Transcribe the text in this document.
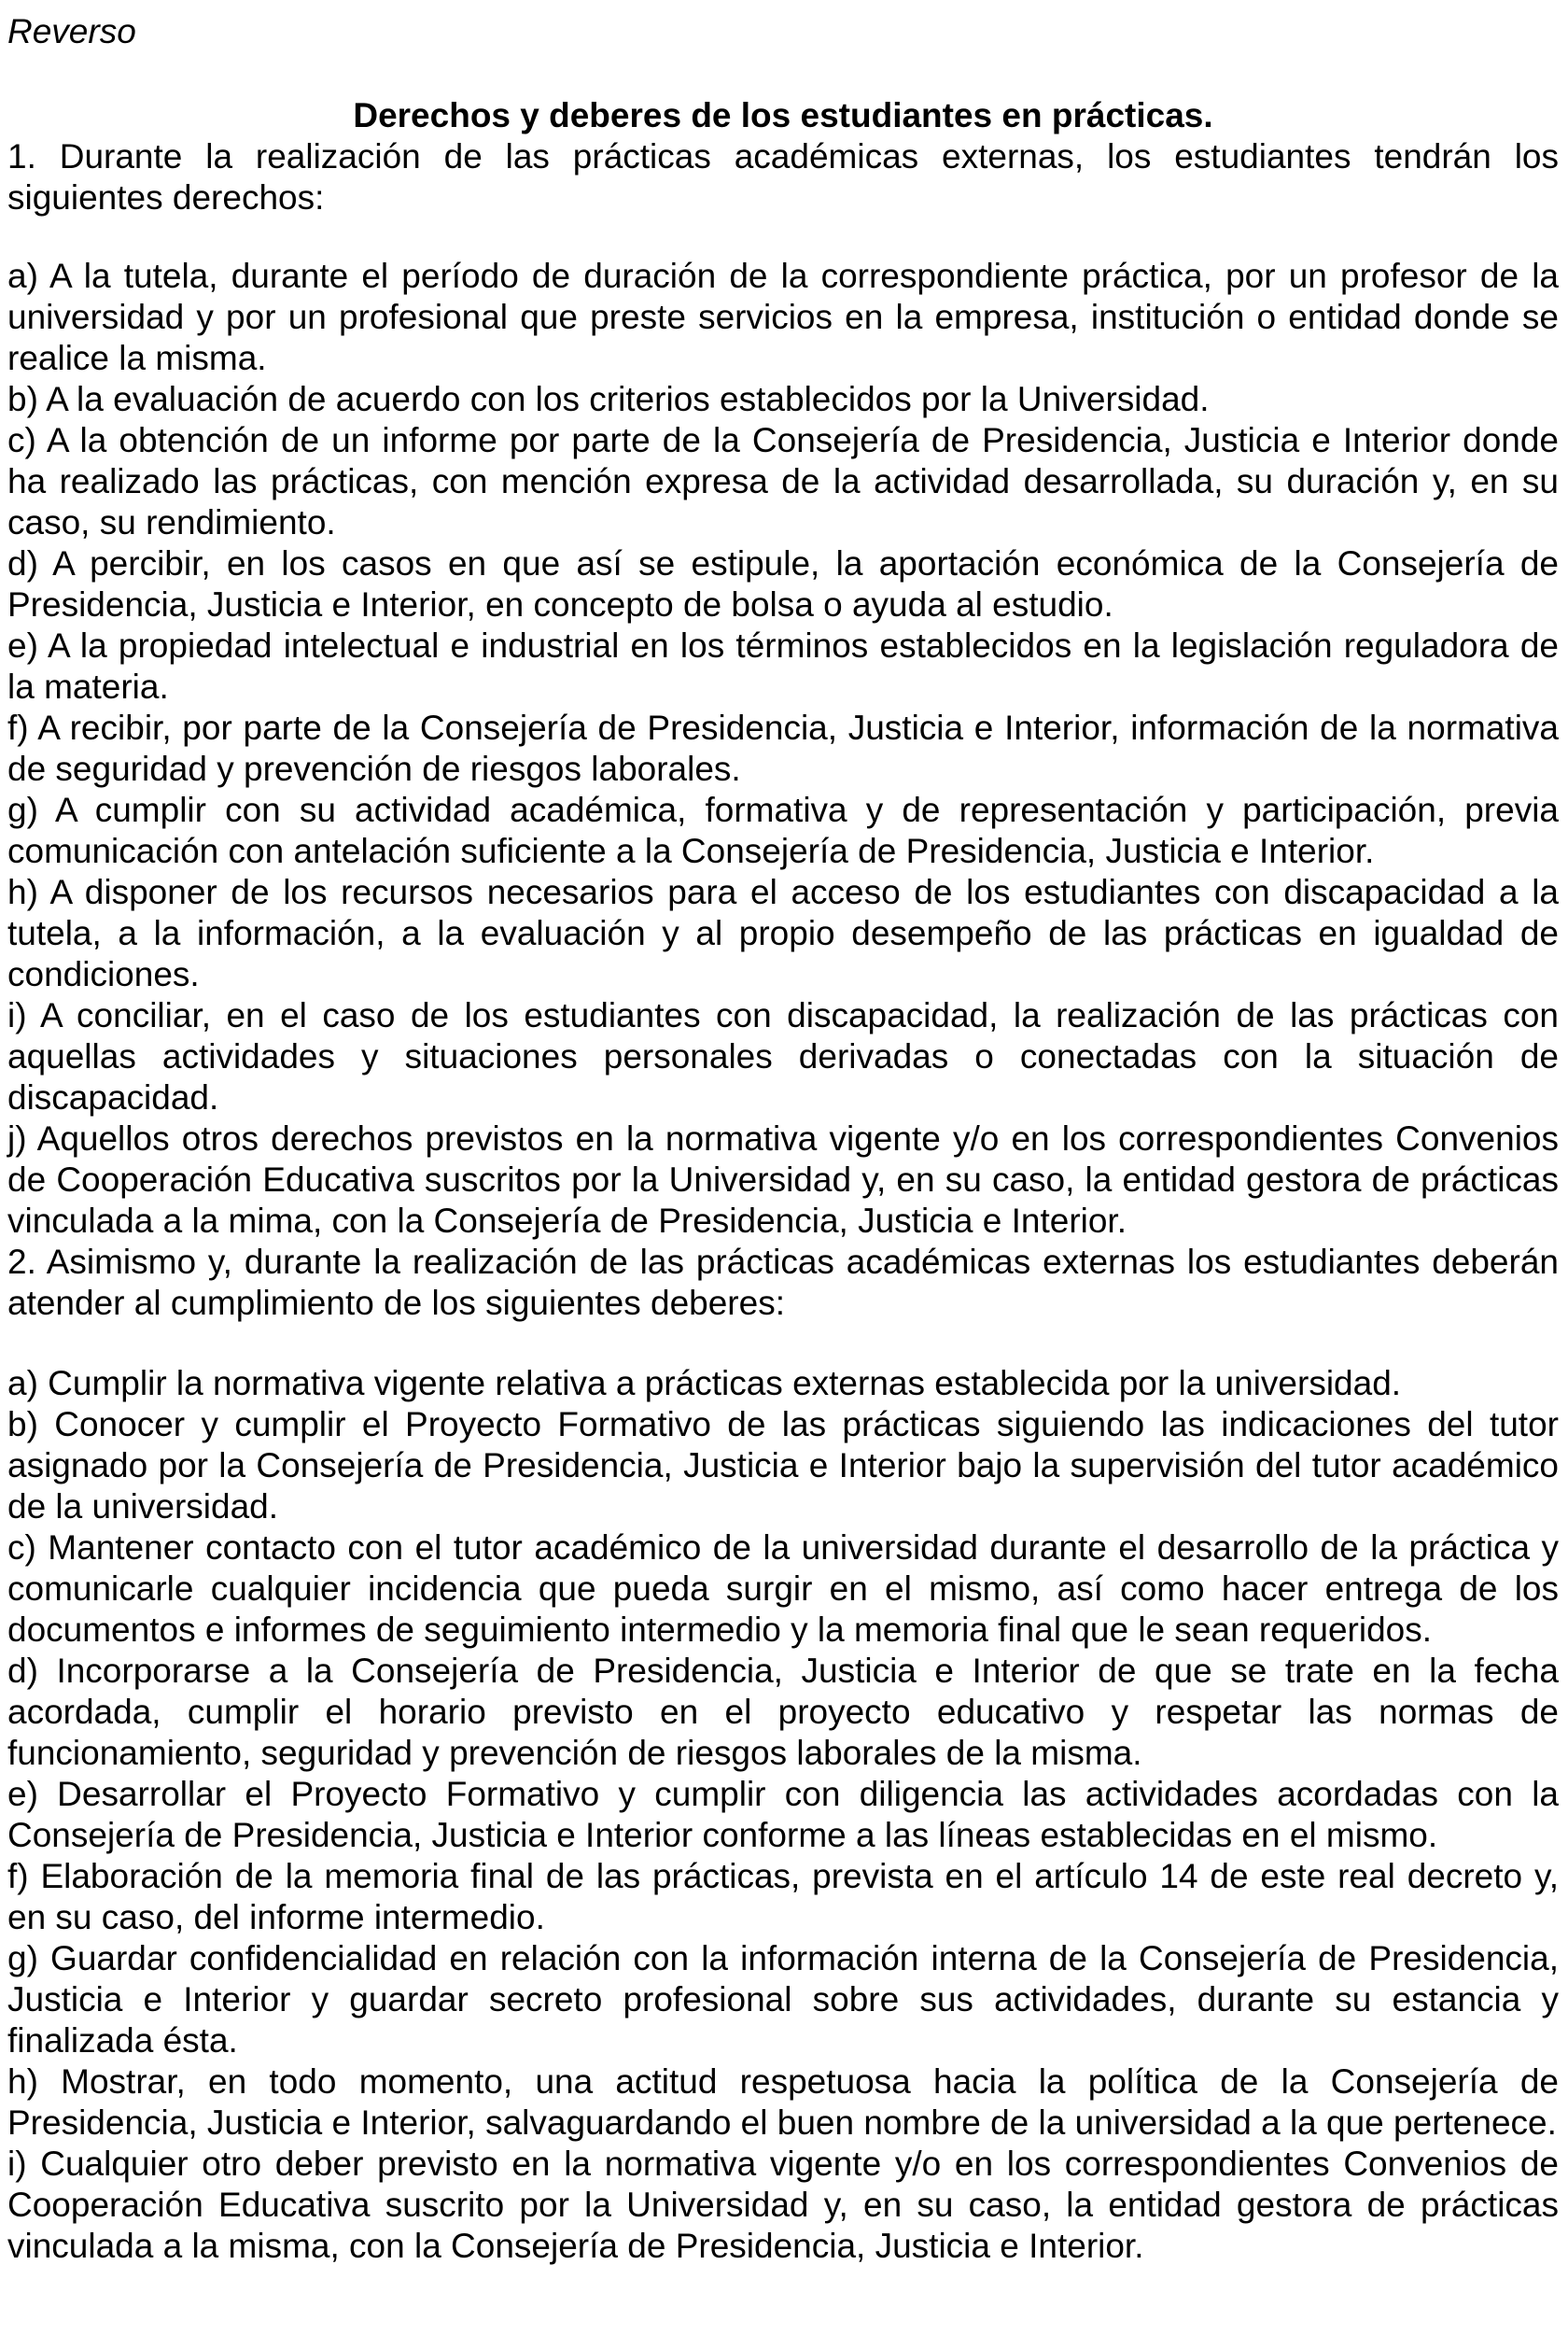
Reverso

Derechos y deberes de los estudiantes en prácticas.

1. Durante la realización de las prácticas académicas externas, los estudiantes tendrán los siguientes derechos:

a) A la tutela, durante el período de duración de la correspondiente práctica, por un profesor de la universidad y por un profesional que preste servicios en la empresa, institución o entidad donde se realice la misma.

b) A la evaluación de acuerdo con los criterios establecidos por la Universidad.

c) A la obtención de un informe por parte de la Consejería de Presidencia, Justicia e Interior donde ha realizado las prácticas, con mención expresa de la actividad desarrollada, su duración y, en su caso, su rendimiento.

d) A percibir, en los casos en que así se estipule, la aportación económica de la Consejería de Presidencia, Justicia e Interior, en concepto de bolsa o ayuda al estudio.

e) A la propiedad intelectual e industrial en los términos establecidos en la legislación reguladora de la materia.

f) A recibir, por parte de la Consejería de Presidencia, Justicia e Interior, información de la normativa de seguridad y prevención de riesgos laborales.

g) A cumplir con su actividad académica, formativa y de representación y participación, previa comunicación con antelación suficiente a la Consejería de Presidencia, Justicia e Interior.

h) A disponer de los recursos necesarios para el acceso de los estudiantes con discapacidad a la tutela, a la información, a la evaluación y al propio desempeño de las prácticas en igualdad de condiciones.

i) A conciliar, en el caso de los estudiantes con discapacidad, la realización de las prácticas con aquellas actividades y situaciones personales derivadas o conectadas con la situación de discapacidad.

j) Aquellos otros derechos previstos en la normativa vigente y/o en los correspondientes Convenios de Cooperación Educativa suscritos por la Universidad y, en su caso, la entidad gestora de prácticas vinculada a la mima, con la Consejería de Presidencia, Justicia e Interior.

2. Asimismo y, durante la realización de las prácticas académicas externas los estudiantes deberán atender al cumplimiento de los siguientes deberes:

a) Cumplir la normativa vigente relativa a prácticas externas establecida por la universidad.

b) Conocer y cumplir el Proyecto Formativo de las prácticas siguiendo las indicaciones del tutor asignado por la Consejería de Presidencia, Justicia e Interior bajo la supervisión del tutor académico de la universidad.

c) Mantener contacto con el tutor académico de la universidad durante el desarrollo de la práctica y comunicarle cualquier incidencia que pueda surgir en el mismo, así como hacer entrega de los documentos e informes de seguimiento intermedio y la memoria final que le sean requeridos.

d) Incorporarse a la Consejería de Presidencia, Justicia e Interior de que se trate en la fecha acordada, cumplir el horario previsto en el proyecto educativo y respetar las normas de funcionamiento, seguridad y prevención de riesgos laborales de la misma.

e) Desarrollar el Proyecto Formativo y cumplir con diligencia las actividades acordadas con la Consejería de Presidencia, Justicia e Interior conforme a las líneas establecidas en el mismo.

f) Elaboración de la memoria final de las prácticas, prevista en el artículo 14 de este real decreto y, en su caso, del informe intermedio.

g) Guardar confidencialidad en relación con la información interna de la Consejería de Presidencia, Justicia e Interior y guardar secreto profesional sobre sus actividades, durante su estancia y finalizada ésta.

h) Mostrar, en todo momento, una actitud respetuosa hacia la política de la Consejería de Presidencia, Justicia e Interior, salvaguardando el buen nombre de la universidad a la que pertenece.

i) Cualquier otro deber previsto en la normativa vigente y/o en los correspondientes Convenios de Cooperación Educativa suscrito por la Universidad y, en su caso, la entidad gestora de prácticas vinculada a la misma, con la Consejería de Presidencia, Justicia e Interior.
